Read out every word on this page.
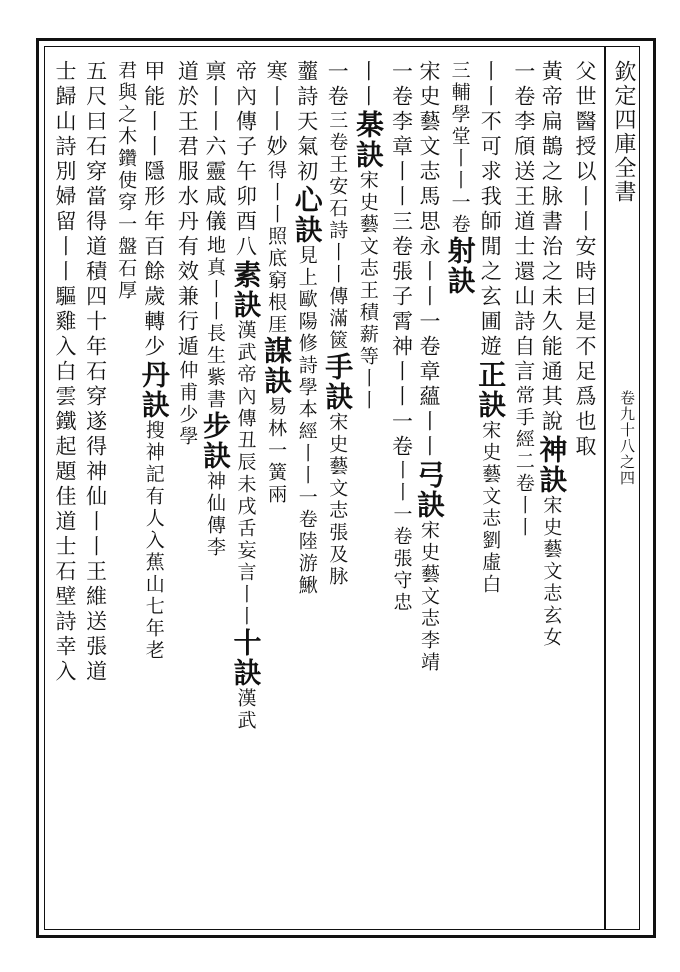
欽定四庫全書
卷九十八之四
父世醫授以丨丨安時曰是不足爲也取
黃帝扁鵲之脉書治之未久能通其說神訣宋史藝文志玄女
一卷李頎送王道士還山詩自言常手經二卷丨丨
丨丨不可求我師閒之玄圃遊正訣宋史藝文志劉虛白
三輔學堂丨丨一卷射訣
宋史藝文志馬思永丨丨一卷章蘊丨丨弓訣宋史藝文志李靖
一卷李章丨丨三卷張子霄神丨丨一卷丨丨一卷張守忠
丨丨棊訣宋史藝文志王積薪等丨丨
一卷三卷王安石詩丨丨傳滿篋手訣宋史藝文志張及脉
虀詩天氣初心訣見上歐陽修詩學本經丨丨一卷陸游鰍
寒丨丨妙得丨丨照底窮根厓謀訣易林一簧兩
帝內傳子午卯酉八素訣漢武帝內傳丑辰未戌舌妄言丨丨十訣漢武
禀丨丨六靈咸儀地真丨丨長生紫書步訣神仙傳李
道於王君服水丹有效兼行遁仲甫少學
甲能丨丨隱形年百餘歲轉少丹訣搜神記有人入蕉山七年老
君與之木鑽使穿一盤石厚
五尺曰石穿當得道積四十年石穿遂得神仙丨丨王維送張道
士歸山詩別婦留丨丨驅雞入白雲鐵起題佳道士石壁詩幸入
